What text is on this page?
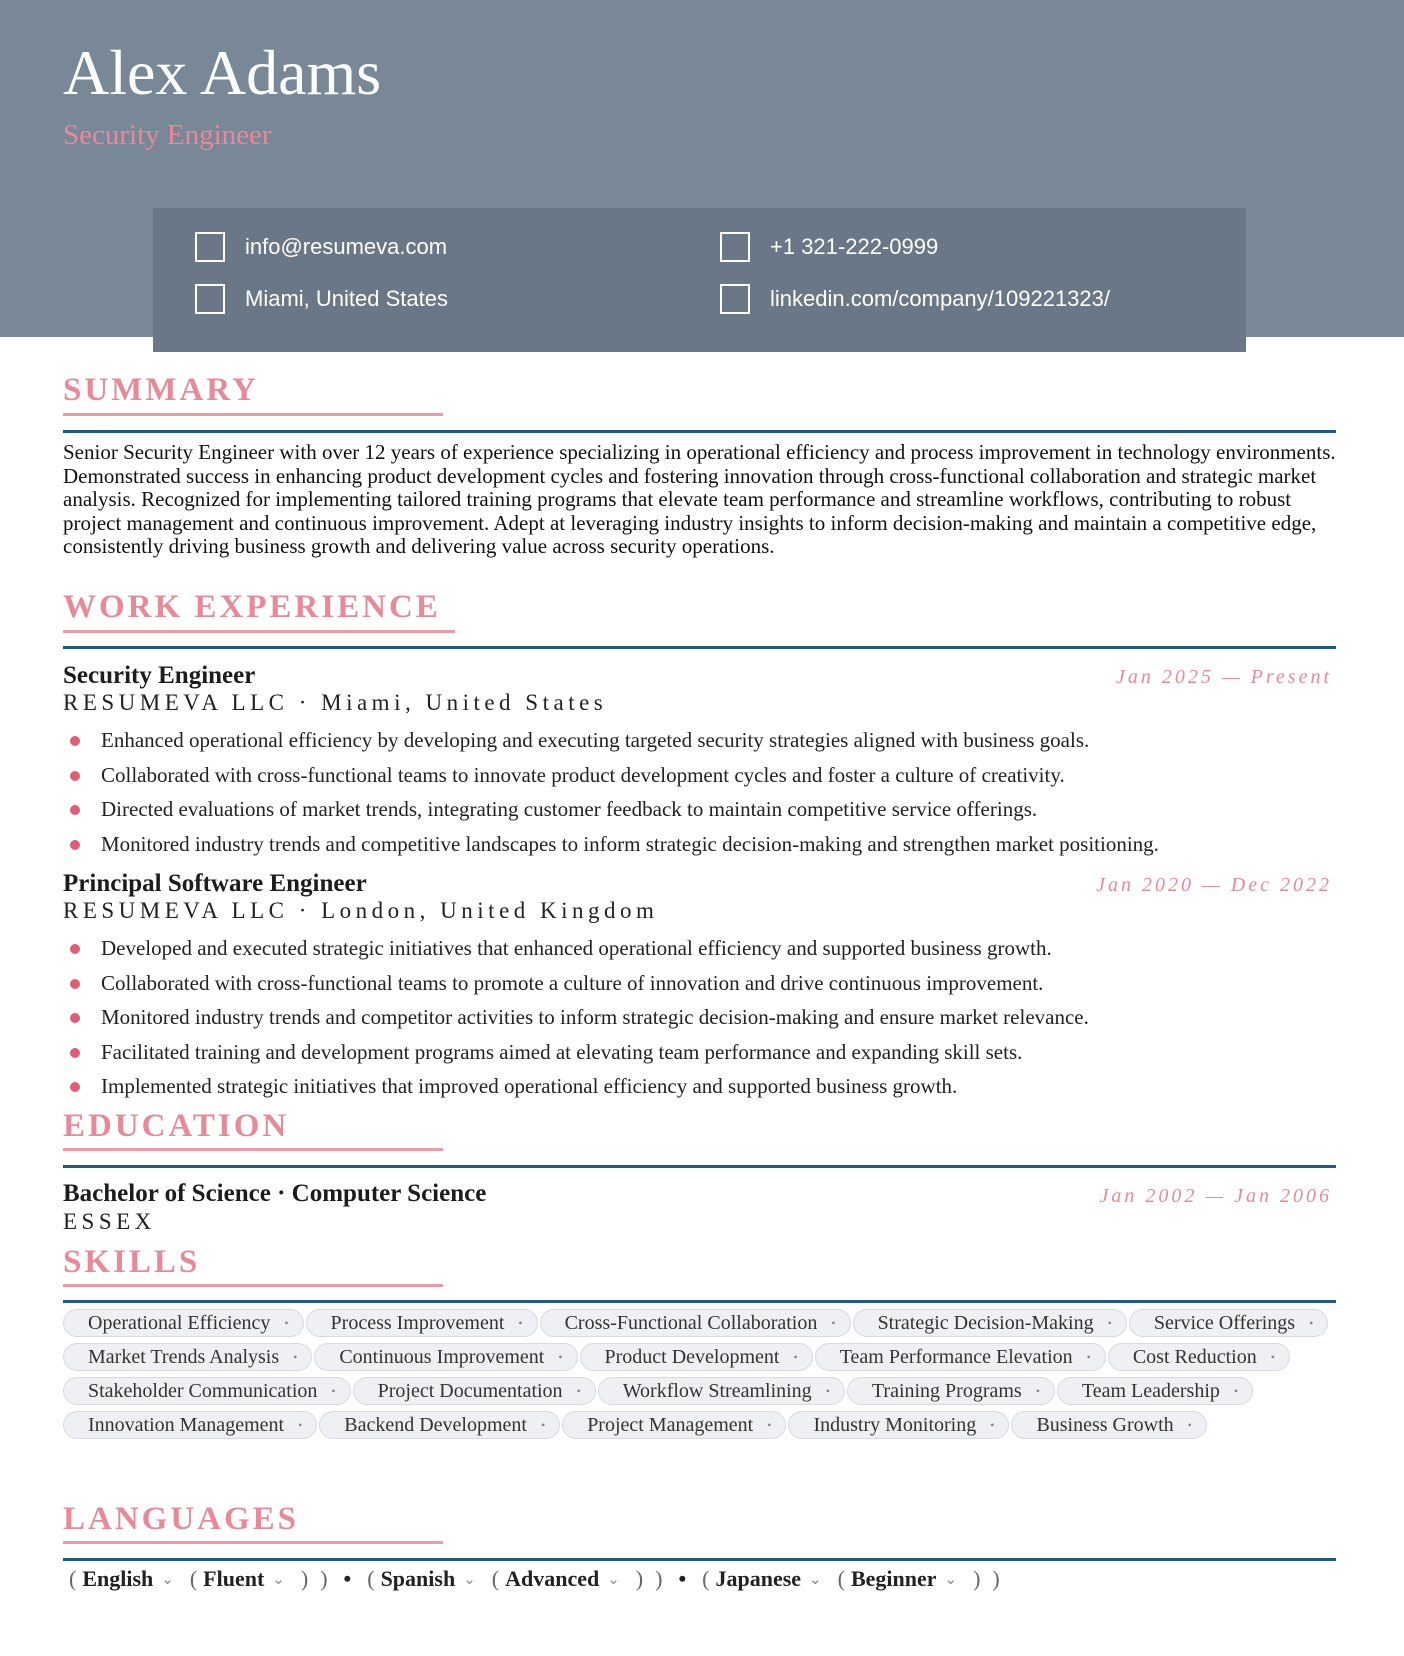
Alex Adams
Security Engineer
info@resumeva.com	+1 321-222-0999
Miami, United States	linkedin.com/company/109221323/
SUMMARY

Senior Security Engineer with over 12 years of experience specializing in operational efficiency and process improvement in technology environments. Demonstrated success in enhancing product development cycles and fostering innovation through cross-functional collaboration and strategic market analysis. Recognized for implementing tailored training programs that elevate team performance and streamline workflows, contributing to robust project management and continuous improvement. Adept at leveraging industry insights to inform decision-making and maintain a competitive edge, consistently driving business growth and delivering value across security operations.

WORK EXPERIENCE
Security Engineer	Jan 2025 — Present
RESUMEVA LLC · Miami, United States
Enhanced operational efficiency by developing and executing targeted security strategies aligned with business goals.
Collaborated with cross-functional teams to innovate product development cycles and foster a culture of creativity.
Directed evaluations of market trends, integrating customer feedback to maintain competitive service offerings.
Monitored industry trends and competitive landscapes to inform strategic decision-making and strengthen market positioning.
Principal Software Engineer	Jan 2020 — Dec 2022
RESUMEVA LLC · London, United Kingdom
Developed and executed strategic initiatives that enhanced operational efficiency and supported business growth.
Collaborated with cross-functional teams to promote a culture of innovation and drive continuous improvement.
Monitored industry trends and competitor activities to inform strategic decision-making and ensure market relevance.
Facilitated training and development programs aimed at elevating team performance and expanding skill sets.
Implemented strategic initiatives that improved operational efficiency and supported business growth.
EDUCATION
Bachelor of Science · Computer Science	Jan 2002 — Jan 2006
ESSEX
SKILLS
Operational Efficiency • Process Improvement • Cross-Functional Collaboration • Strategic Decision-Making • Service Offerings •
Market Trends Analysis • Continuous Improvement • Product Development • Team Performance Elevation • Cost Reduction •
Stakeholder Communication • Project Documentation • Workflow Streamlining • Training Programs • Team Leadership •
Innovation Management • Backend Development • Project Management • Industry Monitoring • Business Growth •
LANGUAGES
( English ⌄ ( Fluent ⌄ ) ) • ( Spanish ⌄ ( Advanced ⌄ ) ) • ( Japanese ⌄ ( Beginner ⌄ ) )
